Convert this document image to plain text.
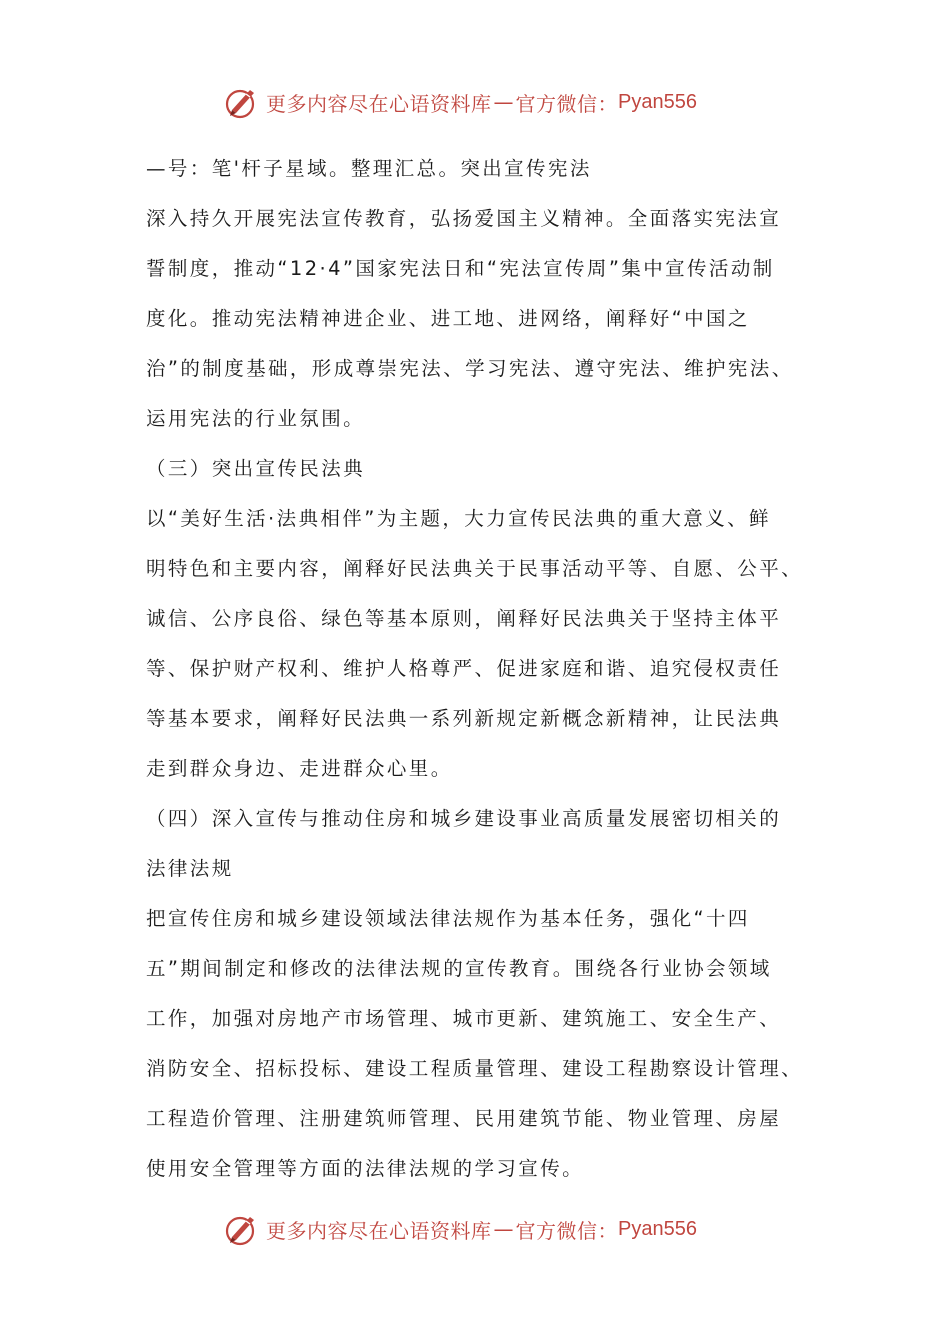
更多内容尽在心语资料库 — 官方微信： Pyan556
—号：笔'杆子星域。整理汇总。突出宣传宪法
深入持久开展宪法宣传教育，弘扬爱国主义精神。全面落实宪法宣
誓制度，推动“12·4”国家宪法日和“宪法宣传周”集中宣传活动制
度化。推动宪法精神进企业、进工地、进网络，阐释好“中国之
治”的制度基础，形成尊崇宪法、学习宪法、遵守宪法、维护宪法、
运用宪法的行业氛围。
（三）突出宣传民法典
以“美好生活·法典相伴”为主题，大力宣传民法典的重大意义、鲜
明特色和主要内容，阐释好民法典关于民事活动平等、自愿、公平、
诚信、公序良俗、绿色等基本原则，阐释好民法典关于坚持主体平
等、保护财产权利、维护人格尊严、促进家庭和谐、追究侵权责任
等基本要求，阐释好民法典一系列新规定新概念新精神，让民法典
走到群众身边、走进群众心里。
（四）深入宣传与推动住房和城乡建设事业高质量发展密切相关的
法律法规
把宣传住房和城乡建设领域法律法规作为基本任务，强化“十四
五”期间制定和修改的法律法规的宣传教育。围绕各行业协会领域
工作，加强对房地产市场管理、城市更新、建筑施工、安全生产、
消防安全、招标投标、建设工程质量管理、建设工程勘察设计管理、
工程造价管理、注册建筑师管理、民用建筑节能、物业管理、房屋
使用安全管理等方面的法律法规的学习宣传。
更多内容尽在心语资料库 — 官方微信： Pyan556
